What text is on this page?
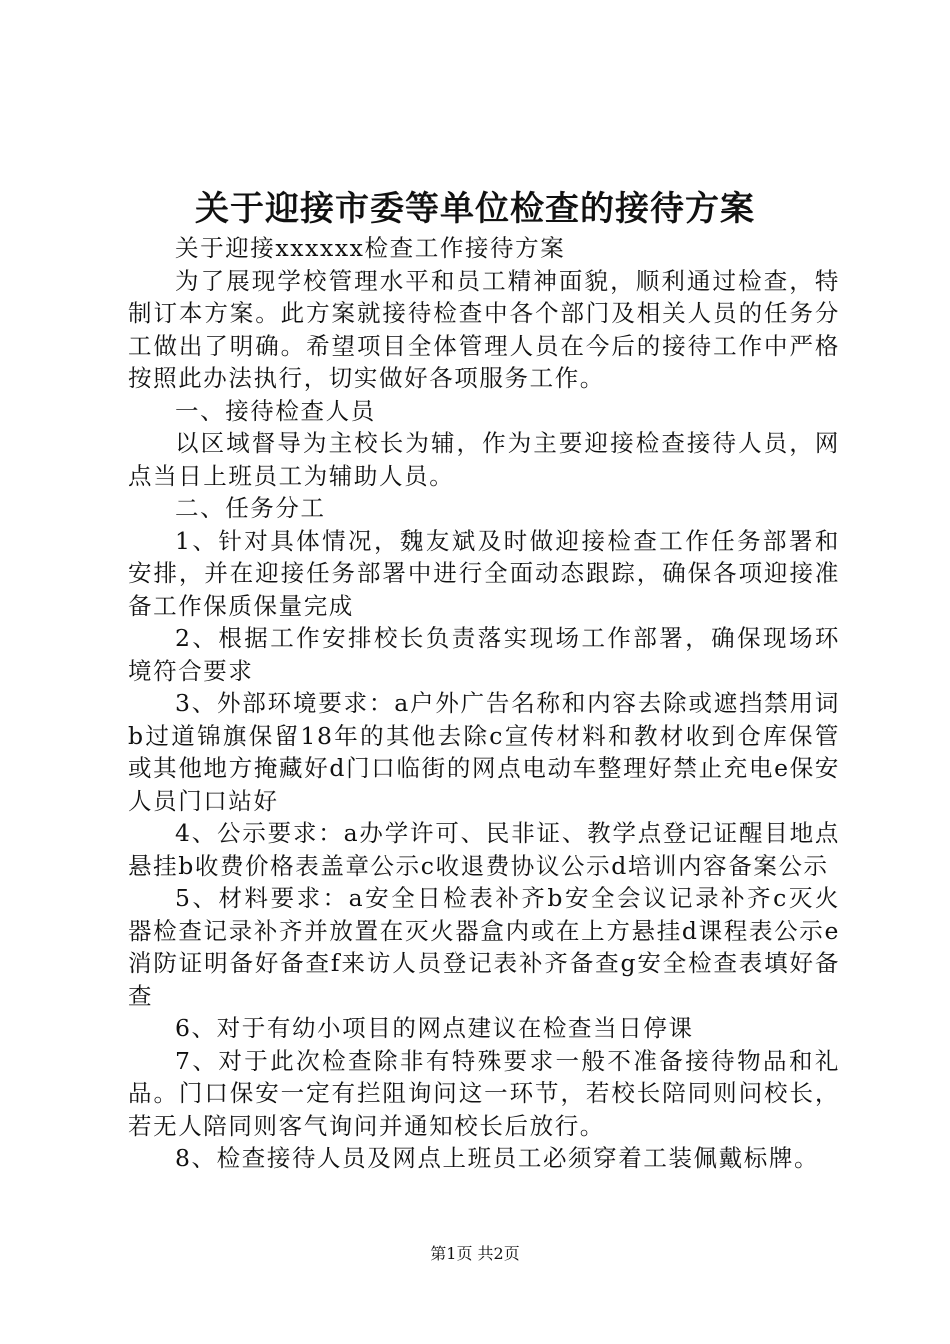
关于迎接市委等单位检查的接待方案

关于迎接xxxxxx检查工作接待方案

为了展现学校管理水平和员工精神面貌，顺利通过检查，特制订本方案。此方案就接待检查中各个部门及相关人员的任务分工做出了明确。希望项目全体管理人员在今后的接待工作中严格按照此办法执行，切实做好各项服务工作。

一、接待检查人员

以区域督导为主校长为辅，作为主要迎接检查接待人员，网点当日上班员工为辅助人员。

二、任务分工

1、针对具体情况，魏友斌及时做迎接检查工作任务部署和安排，并在迎接任务部署中进行全面动态跟踪，确保各项迎接准备工作保质保量完成

2、根据工作安排校长负责落实现场工作部署，确保现场环境符合要求

3、外部环境要求：a户外广告名称和内容去除或遮挡禁用词b过道锦旗保留18年的其他去除c宣传材料和教材收到仓库保管或其他地方掩藏好d门口临街的网点电动车整理好禁止充电e保安人员门口站好

4、公示要求：a办学许可、民非证、教学点登记证醒目地点悬挂b收费价格表盖章公示c收退费协议公示d培训内容备案公示

5、材料要求：a安全日检表补齐b安全会议记录补齐c灭火器检查记录补齐并放置在灭火器盒内或在上方悬挂d课程表公示e消防证明备好备查f来访人员登记表补齐备查g安全检查表填好备查

6、对于有幼小项目的网点建议在检查当日停课

7、对于此次检查除非有特殊要求一般不准备接待物品和礼品。门口保安一定有拦阻询问这一环节，若校长陪同则问校长，若无人陪同则客气询问并通知校长后放行。

8、检查接待人员及网点上班员工必须穿着工装佩戴标牌。

第1页 共2页
